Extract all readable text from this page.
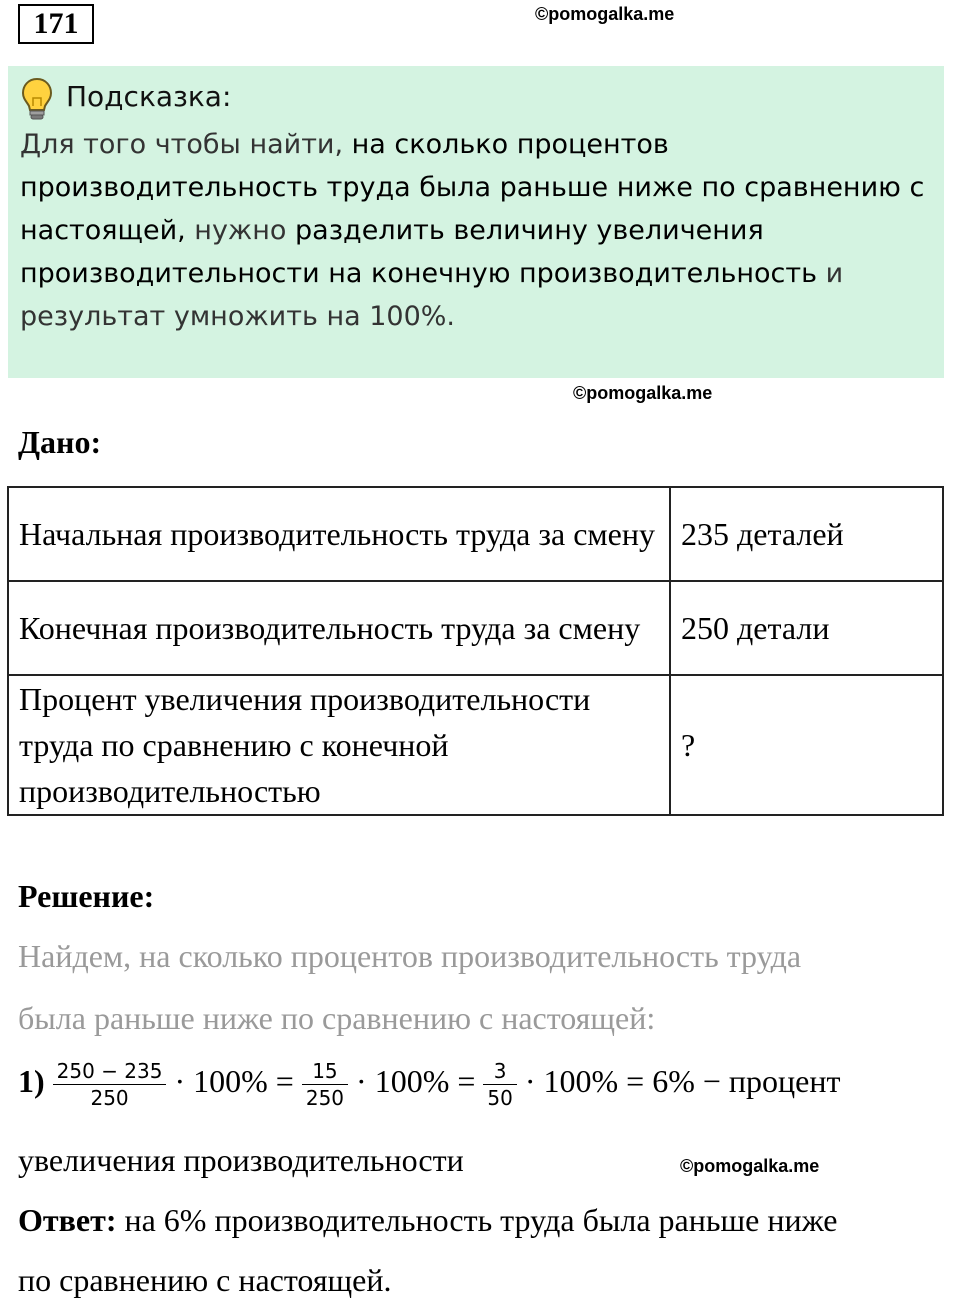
171	©pomogalka.me
Подсказка:
Для того чтобы найти, на сколько процентов производительность труда была раньше ниже по сравнению с настоящей, нужно разделить величину увеличения производительности на конечную производительность и результат умножить на 100%.
©pomogalka.me
Дано:
Начальная производительность труда за смену	235 деталей
Конечная производительность труда за смену	250 детали
Процент увеличения производительности труда по сравнению с конечной производительностью	?
Решение:
Найдем, на сколько процентов производительность труда
была раньше ниже по сравнению с настоящей:
$1) \frac{250 - 235}{250} \cdot 100\% = \frac{15}{250} \cdot 100\% = \frac{3}{50} \cdot 100\% = 6\%$ − процент
увеличения производительности	©pomogalka.me
Ответ: на 6% производительность труда была раньше ниже
по сравнению с настоящей.
